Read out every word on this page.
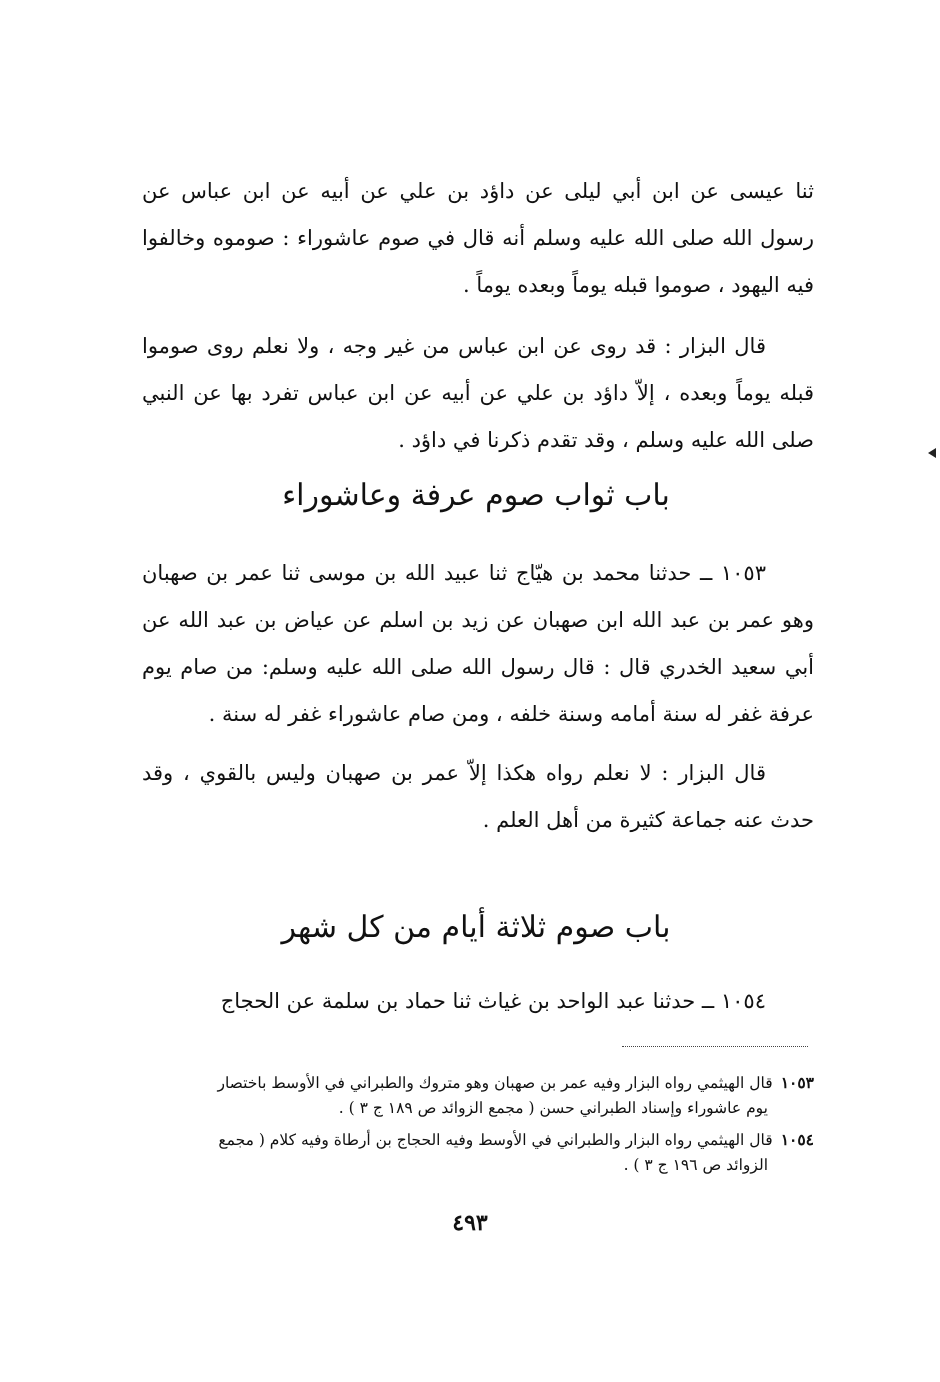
ثنا عيسى عن ابن أبي ليلى عن داؤد بن علي عن أبيه عن ابن عباس عن رسول الله صلى الله عليه وسلم أنه قال في صوم عاشوراء : صوموه وخالفوا فيه اليهود ، صوموا قبله يوماً وبعده يوماً .

قال البزار : قد روى عن ابن عباس من غير وجه ، ولا نعلم روى صوموا قبله يوماً وبعده ، إلاّ داؤد بن علي عن أبيه عن ابن عباس تفرد بها عن النبي صلى الله عليه وسلم ، وقد تقدم ذكرنا في داؤد .

باب ثواب صوم عرفة وعاشوراء

١٠٥٣ ــ حدثنا محمد بن هيّاج ثنا عبيد الله بن موسى ثنا عمر بن صهبان وهو عمر بن عبد الله ابن صهبان عن زيد بن اسلم عن عياض بن عبد الله عن أبي سعيد الخدري قال : قال رسول الله صلى الله عليه وسلم: من صام يوم عرفة غفر له سنة أمامه وسنة خلفه ، ومن صام عاشوراء غفر له سنة .

قال البزار : لا نعلم رواه هكذا إلاّ عمر بن صهبان وليس بالقوي ، وقد حدث عنه جماعة كثيرة من أهل العلم .

باب صوم ثلاثة أيام من كل شهر

١٠٥٤ ــ حدثنا عبد الواحد بن غياث ثنا حماد بن سلمة عن الحجاج

١٠٥٣قال الهيثمي رواه البزار وفيه عمر بن صهبان وهو متروك والطبراني في الأوسط باختصار

يوم عاشوراء وإسناد الطبراني حسن ( مجمع الزوائد ص ١٨٩ ج ٣ ) .

١٠٥٤قال الهيثمي رواه البزار والطبراني في الأوسط وفيه الحجاج بن أرطاة وفيه كلام ( مجمع

الزوائد ص ١٩٦ ج ٣ ) .

٤٩٣
